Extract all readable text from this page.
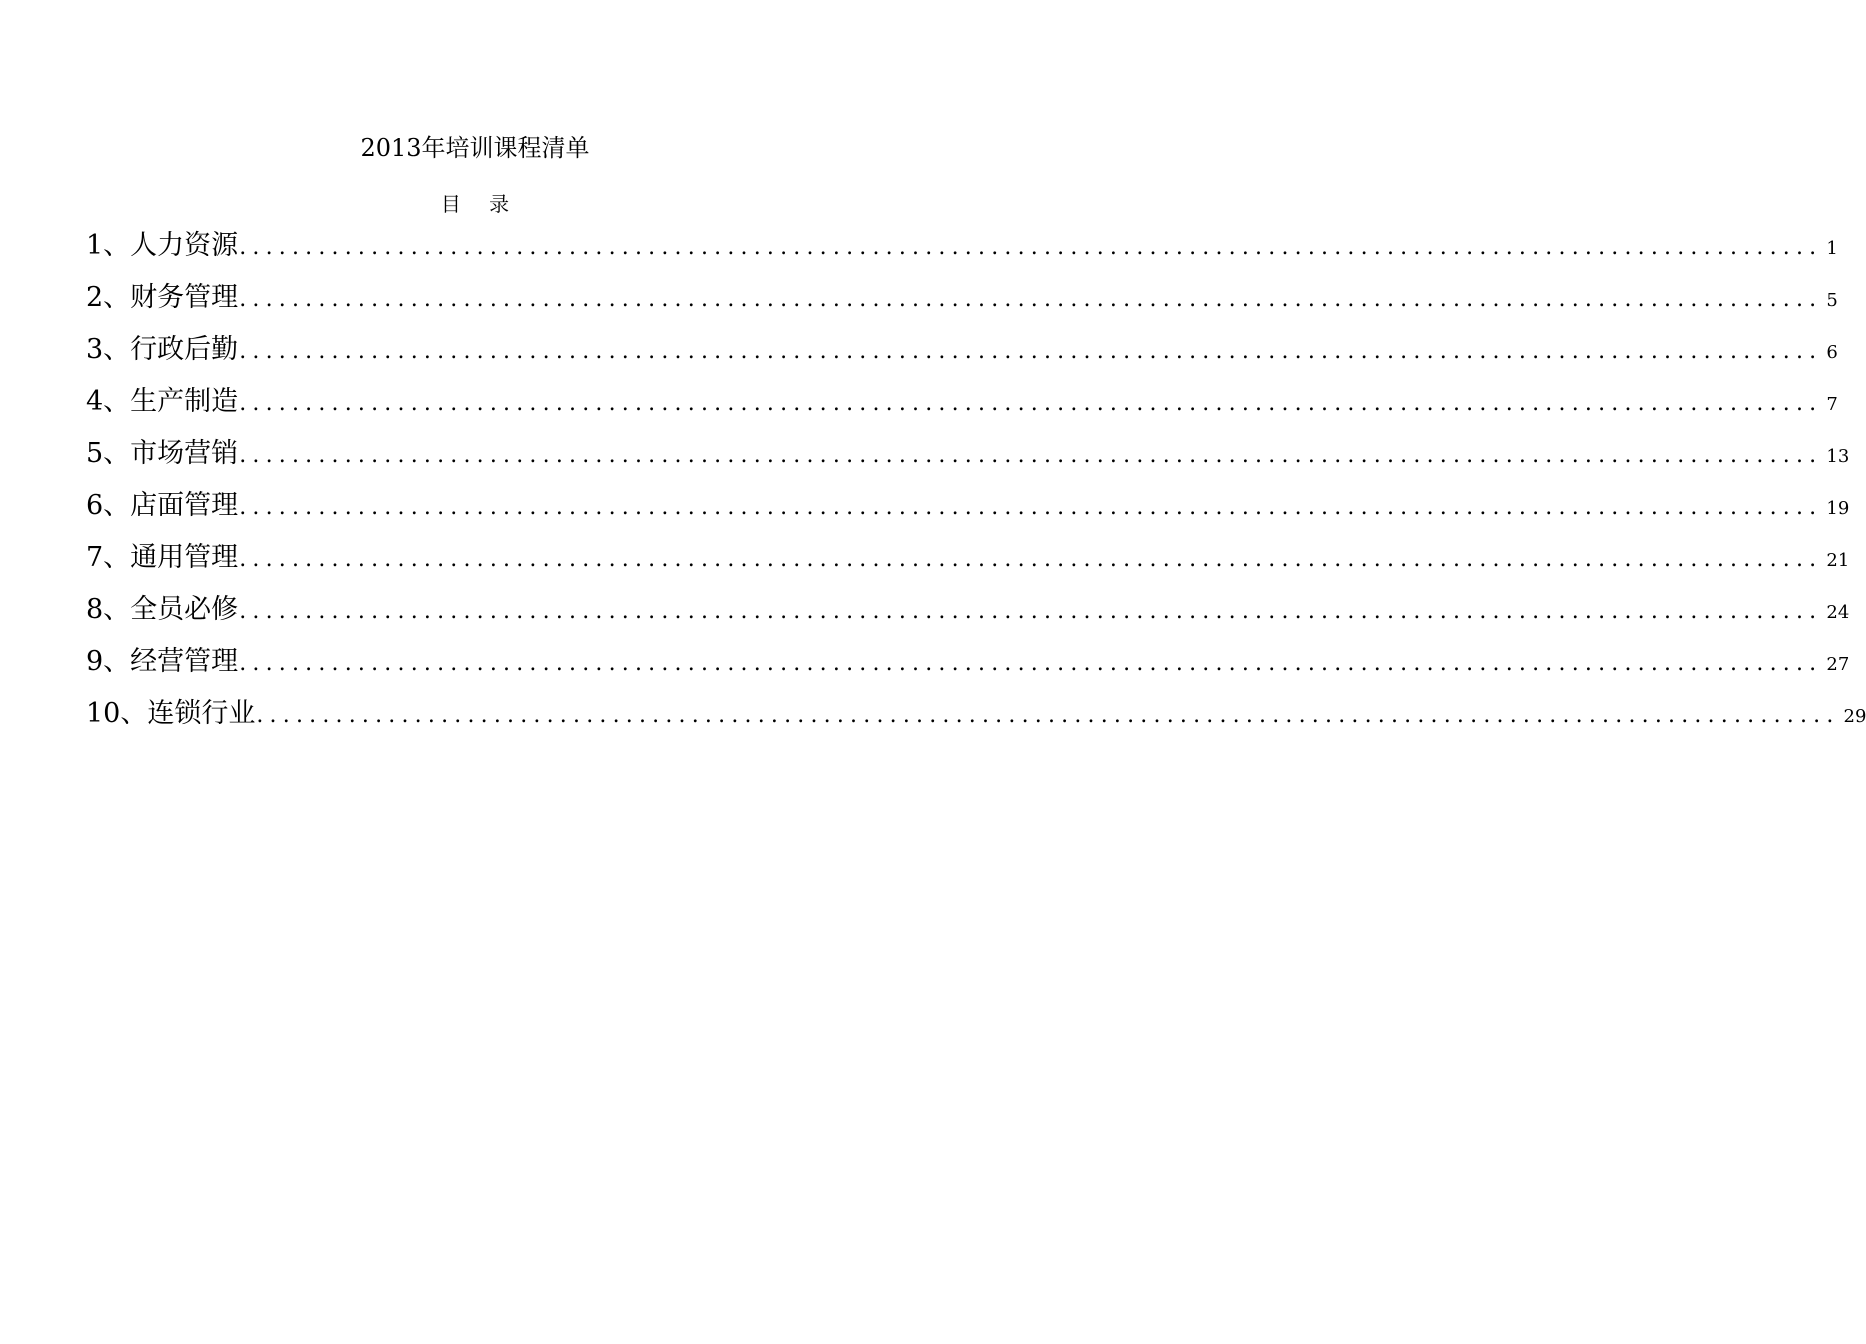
2013年培训课程清单
目 录
1、人力资源 ........................................................................................................................ 1
2、财务管理 ........................................................................................................................ 5
3、行政后勤 ........................................................................................................................ 6
4、生产制造 ........................................................................................................................ 7
5、市场营销 ........................................................................................................................ 13
6、店面管理 ........................................................................................................................ 19
7、通用管理 ........................................................................................................................ 21
8、全员必修 ........................................................................................................................ 24
9、经营管理 ........................................................................................................................ 27
10、连锁行业 ........................................................................................................................ 29
